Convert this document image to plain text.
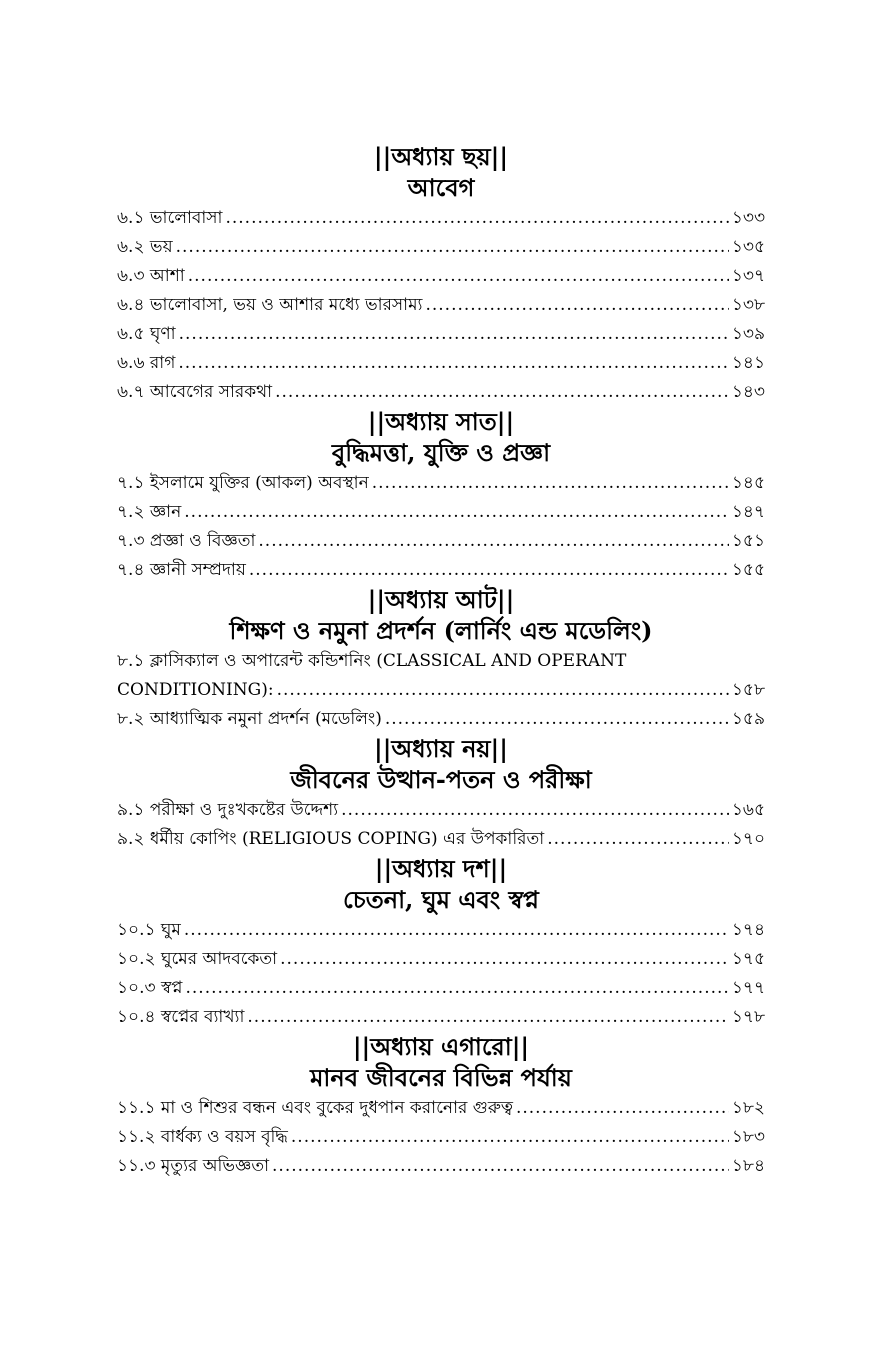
||অধ্যায় ছয়||
আবেগ
৬.১ ভালোবাসা .....	১৩৩
৬.২ ভয় .....	১৩৫
৬.৩ আশা .....	১৩৭
৬.৪ ভালোবাসা, ভয় ও আশার মধ্যে ভারসাম্য .....	১৩৮
৬.৫ ঘৃণা .....	১৩৯
৬.৬ রাগ .....	১৪১
৬.৭ আবেগের সারকথা .....	১৪৩
||অধ্যায় সাত||
বুদ্ধিমত্তা, যুক্তি ও প্রজ্ঞা
৭.১ ইসলামে যুক্তির (আকল) অবস্থান .....	১৪৫
৭.২ জ্ঞান .....	১৪৭
৭.৩ প্রজ্ঞা ও বিজ্ঞতা .....	১৫১
৭.৪ জ্ঞানী সম্প্রদায় .....	১৫৫
||অধ্যায় আট||
শিক্ষণ ও নমুনা প্রদর্শন (লার্নিং এন্ড মডেলিং)
৮.১ ক্লাসিক্যাল ও অপারেন্ট কন্ডিশনিং (CLASSICAL AND OPERANT
CONDITIONING): .....	১৫৮
৮.২ আধ্যাত্মিক নমুনা প্রদর্শন (মডেলিং) .....	১৫৯
||অধ্যায় নয়||
জীবনের উত্থান-পতন ও পরীক্ষা
৯.১ পরীক্ষা ও দুঃখকষ্টের উদ্দেশ্য .....	১৬৫
৯.২ ধর্মীয় কোপিং (RELIGIOUS COPING) এর উপকারিতা .....	১৭০
||অধ্যায় দশ||
চেতনা, ঘুম এবং স্বপ্ন
১০.১ ঘুম .....	১৭৪
১০.২ ঘুমের আদবকেতা .....	১৭৫
১০.৩ স্বপ্ন .....	১৭৭
১০.৪ স্বপ্নের ব্যাখ্যা .....	১৭৮
||অধ্যায় এগারো||
মানব জীবনের বিভিন্ন পর্যায়
১১.১ মা ও শিশুর বন্ধন এবং বুকের দুধপান করানোর গুরুত্ব .....	১৮২
১১.২ বার্ধক্য ও বয়স বৃদ্ধি .....	১৮৩
১১.৩ মৃত্যুর অভিজ্ঞতা .....	১৮৪
